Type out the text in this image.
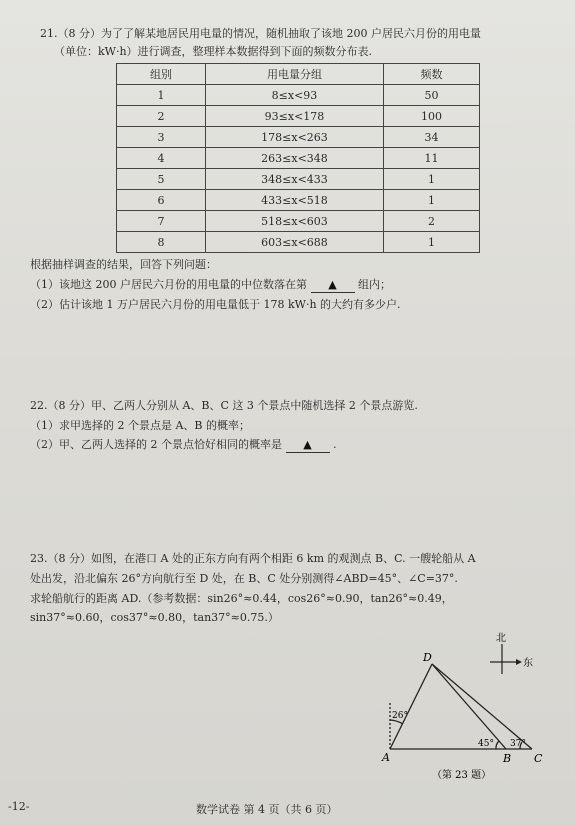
21.（8 分）为了了解某地居民用电量的情况，随机抽取了该地 200 户居民六月份的用电量
（单位：kW·h）进行调查，整理样本数据得到下面的频数分布表.
组别	用电量分组	频数
1	8≤x<93	50
2	93≤x<178	100
3	178≤x<263	34
4	263≤x<348	11
5	348≤x<433	1
6	433≤x<518	1
7	518≤x<603	2
8	603≤x<688	1
根据抽样调查的结果，回答下列问题：
（1）该地这 200 户居民六月份的用电量的中位数落在第 ▲ 组内；
（2）估计该地 1 万户居民六月份的用电量低于 178 kW·h 的大约有多少户.
22.（8 分）甲、乙两人分别从 A、B、C 这 3 个景点中随机选择 2 个景点游览.
（1）求甲选择的 2 个景点是 A、B 的概率；
（2）甲、乙两人选择的 2 个景点恰好相同的概率是 ▲ .
23.（8 分）如图，在港口 A 处的正东方向有两个相距 6 km 的观测点 B、C. 一艘轮船从 A
处出发，沿北偏东 26°方向航行至 D 处，在 B、C 处分别测得∠ABD=45°、∠C=37°.
求轮船航行的距离 AD.（参考数据：sin26°≈0.44，cos26°≈0.90，tan26°≈0.49，
sin37°≈0.60，cos37°≈0.80，tan37°≈0.75.）
北
东
D
A	B C
26°
45° 37°
（第 23 题）
-12-	数学试卷 第 4 页（共 6 页）
